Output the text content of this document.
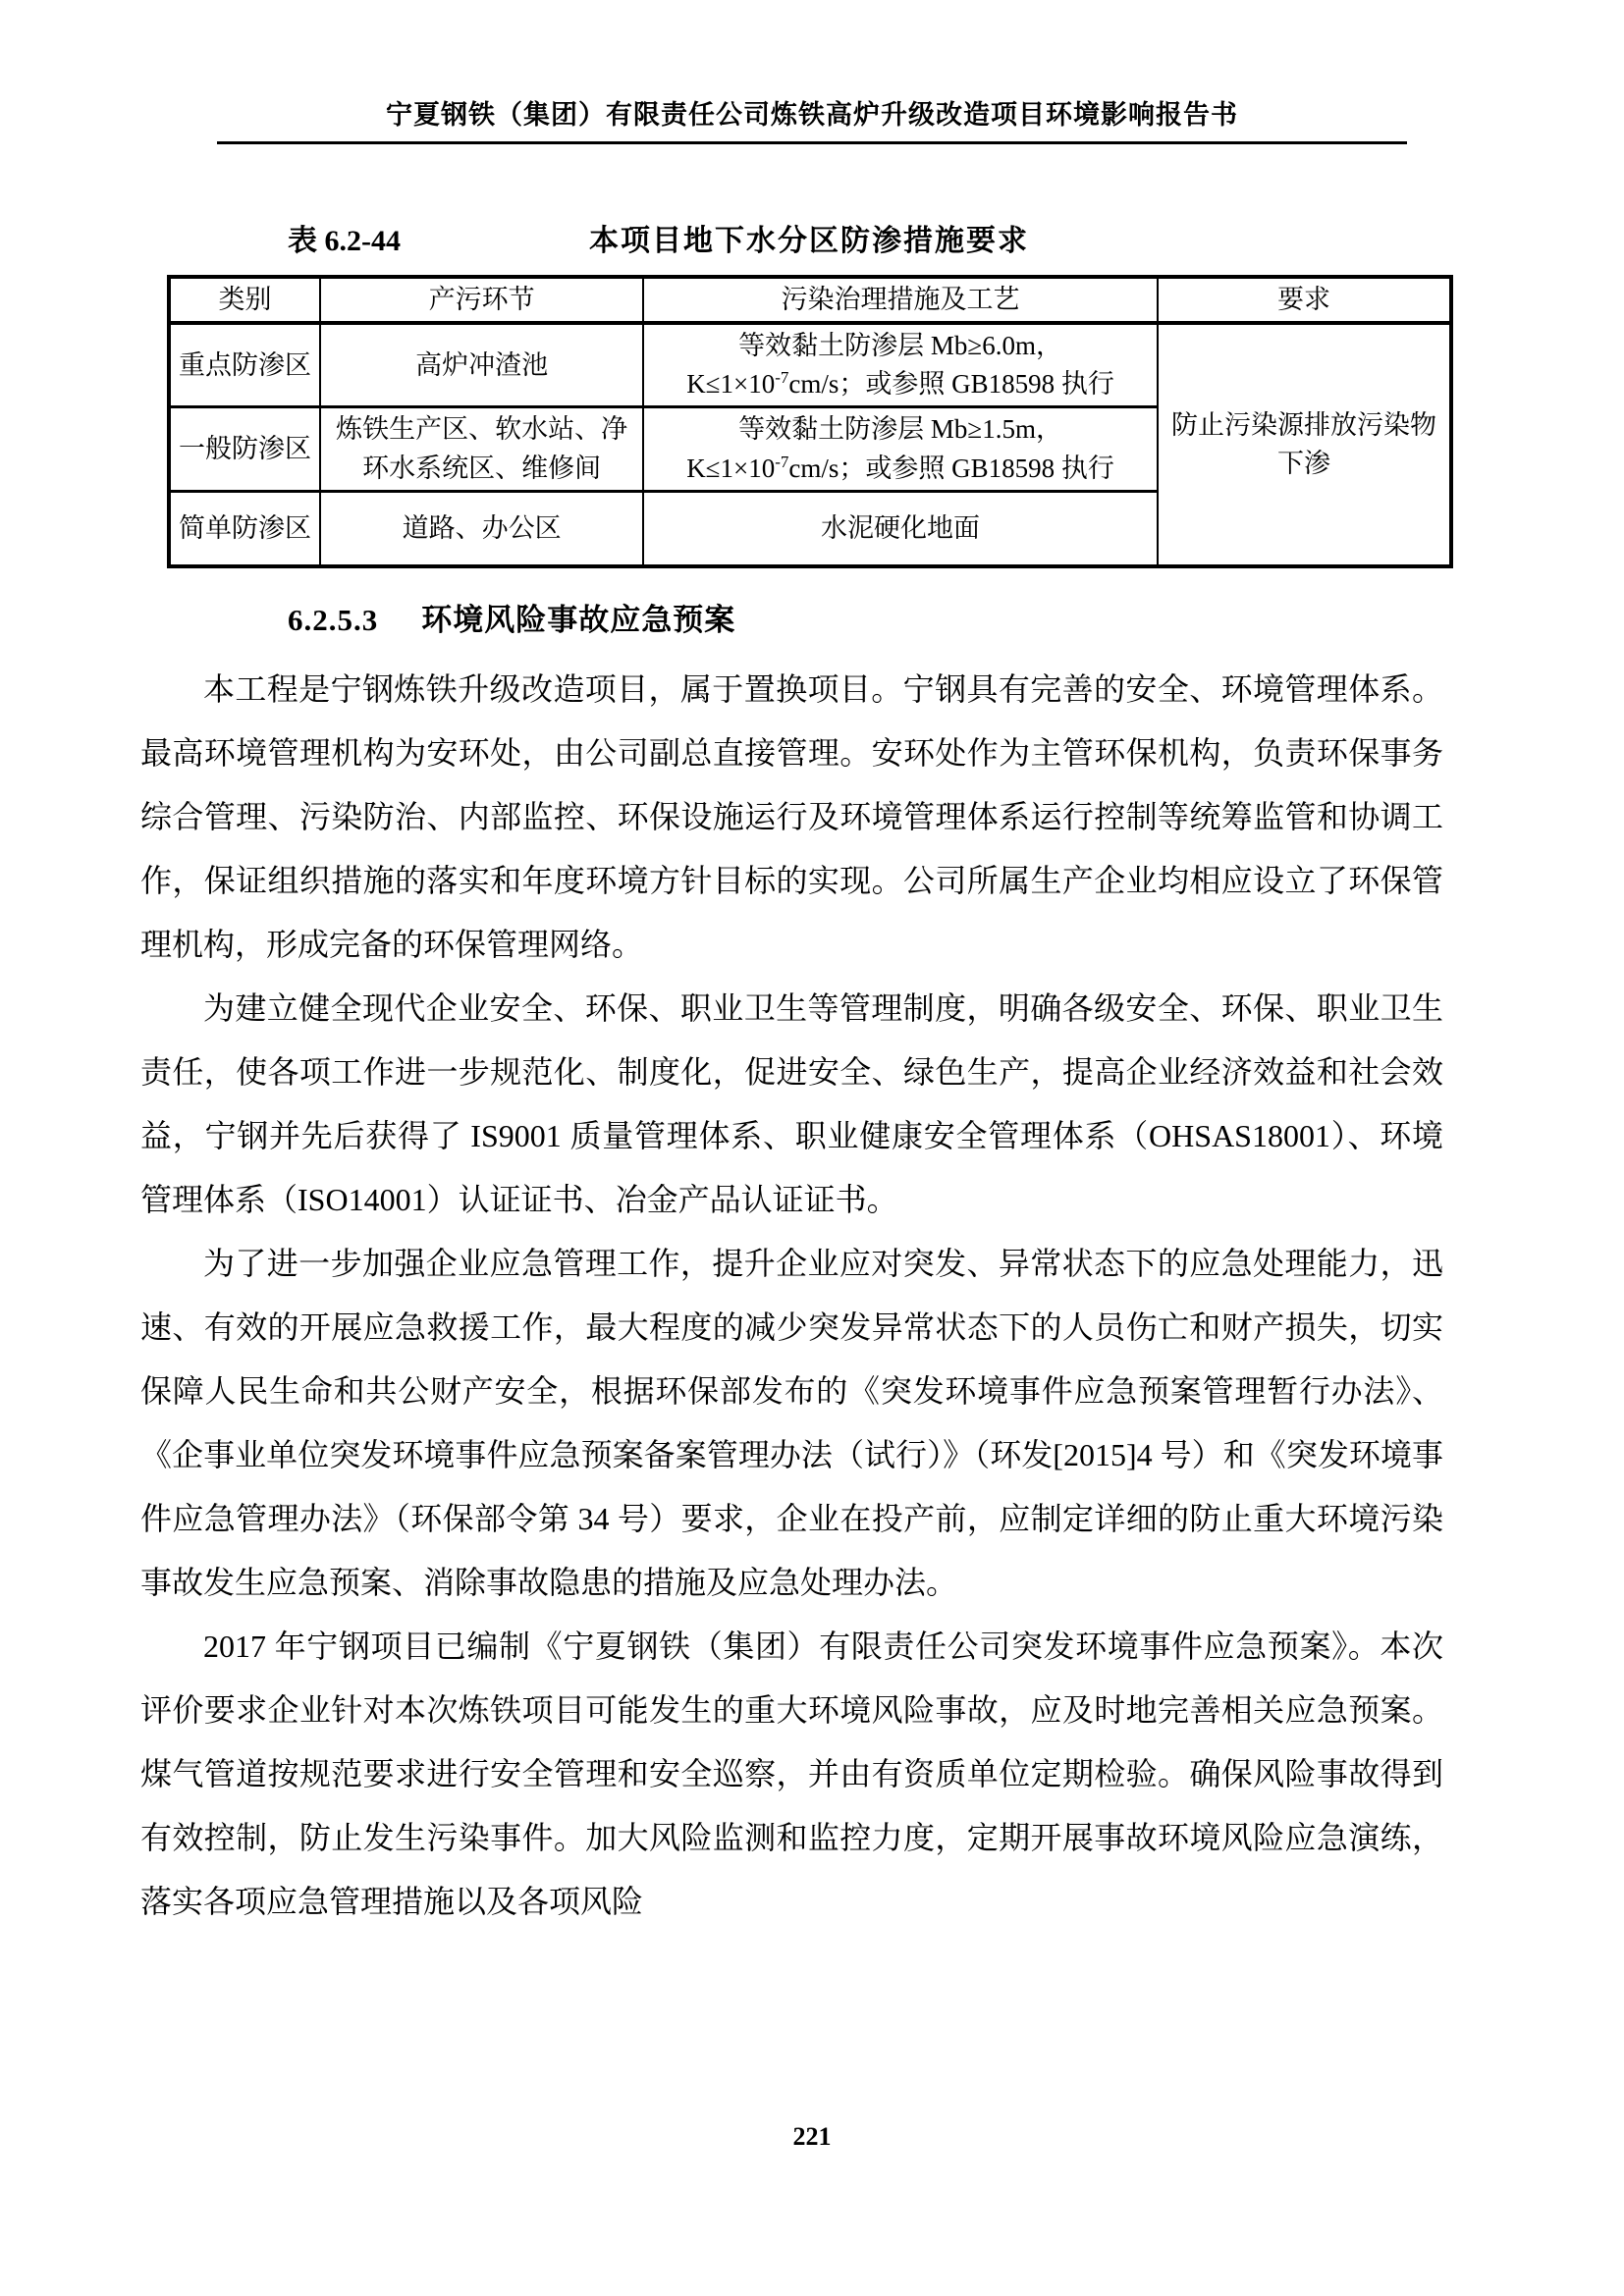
宁夏钢铁（集团）有限责任公司炼铁高炉升级改造项目环境影响报告书
表 6.2-44	本项目地下水分区防渗措施要求
类别	产污环节	污染治理措施及工艺	要求
重点防渗区	高炉冲渣池	等效黏土防渗层 Mb≥6.0m，
$K\le 1\times 10^{-7}cm/s$；或参照 GB18598 执行	防止污染源排放污染物下渗
一般防渗区	炼铁生产区、软水站、净环水系统区、维修间	等效黏土防渗层 Mb≥1.5m，
$K\le 1\times 10^{-7}cm/s$；或参照 GB18598 执行	

简单防渗区	道路、办公区	水泥硬化地面	
6.2.5.3 环境风险事故应急预案

本工程是宁钢炼铁升级改造项目，属于置换项目。宁钢具有完善的安全、环境管理体系。最高环境管理机构为安环处，由公司副总直接管理。安环处作为主管环保机构，负责环保事务综合管理、污染防治、内部监控、环保设施运行及环境管理体系运行控制等统筹监管和协调工作，保证组织措施的落实和年度环境方针目标的实现。公司所属生产企业均相应设立了环保管理机构，形成完备的环保管理网络。

为建立健全现代企业安全、环保、职业卫生等管理制度，明确各级安全、环保、职业卫生责任，使各项工作进一步规范化、制度化，促进安全、绿色生产，提高企业经济效益和社会效益，宁钢并先后获得了 IS9001 质量管理体系、职业健康安全管理体系（OHSAS18001）、环境管理体系（ISO14001）认证证书、冶金产品认证证书。

为了进一步加强企业应急管理工作，提升企业应对突发、异常状态下的应急处理能力，迅速、有效的开展应急救援工作，最大程度的减少突发异常状态下的人员伤亡和财产损失，切实保障人民生命和共公财产安全，根据环保部发布的《突发环境事件应急预案管理暂行办法》、《企事业单位突发环境事件应急预案备案管理办法（试行）》（环发[2015]4 号）和《突发环境事件应急管理办法》（环保部令第 34 号）要求，企业在投产前，应制定详细的防止重大环境污染事故发生应急预案、消除事故隐患的措施及应急处理办法。

2017 年宁钢项目已编制《宁夏钢铁（集团）有限责任公司突发环境事件应急预案》。本次评价要求企业针对本次炼铁项目可能发生的重大环境风险事故，应及时地完善相关应急预案。煤气管道按规范要求进行安全管理和安全巡察，并由有资质单位定期检验。确保风险事故得到有效控制，防止发生污染事件。加大风险监测和监控力度，定期开展事故环境风险应急演练，落实各项应急管理措施以及各项风险

221
